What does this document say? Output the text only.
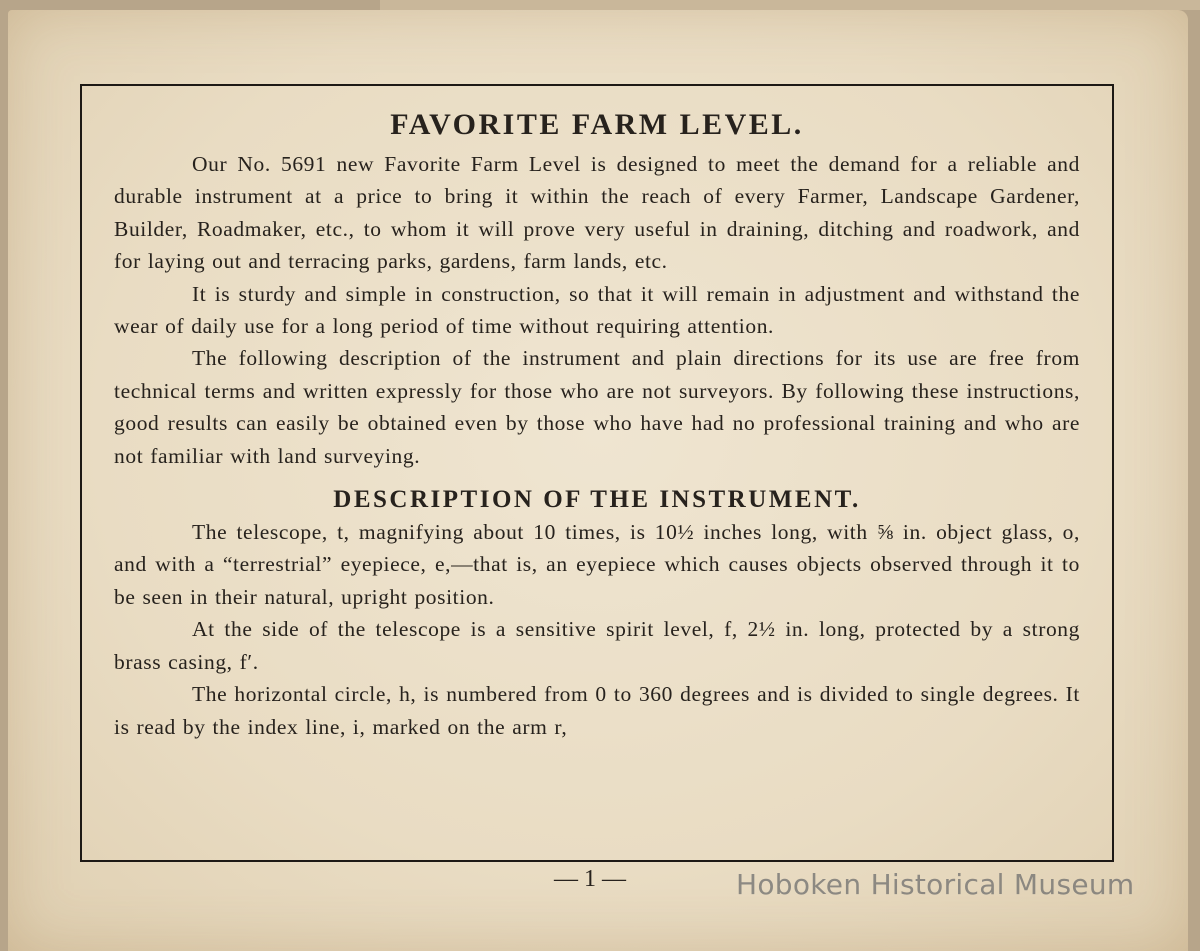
FAVORITE FARM LEVEL.

Our No. 5691 new Favorite Farm Level is designed to meet the demand for a reliable and durable instrument at a price to bring it within the reach of every Farmer, Landscape Gardener, Builder, Roadmaker, etc., to whom it will prove very useful in draining, ditching and roadwork, and for laying out and terracing parks, gardens, farm lands, etc.

It is sturdy and simple in construction, so that it will remain in adjustment and withstand the wear of daily use for a long period of time without requiring attention.

The following description of the instrument and plain directions for its use are free from technical terms and written expressly for those who are not surveyors. By following these instructions, good results can easily be obtained even by those who have had no professional training and who are not familiar with land surveying.

DESCRIPTION OF THE INSTRUMENT.

The telescope, t, magnifying about 10 times, is 10½ inches long, with ⅝ in. object glass, o, and with a “terrestrial” eyepiece, e,—that is, an eyepiece which causes objects observed through it to be seen in their natural, upright position.

At the side of the telescope is a sensitive spirit level, f, 2½ in. long, protected by a strong brass casing, f′.

The horizontal circle, h, is numbered from 0 to 360 degrees and is divided to single degrees. It is read by the index line, i, marked on the arm r,

— 1 —	Hoboken Historical Museum
